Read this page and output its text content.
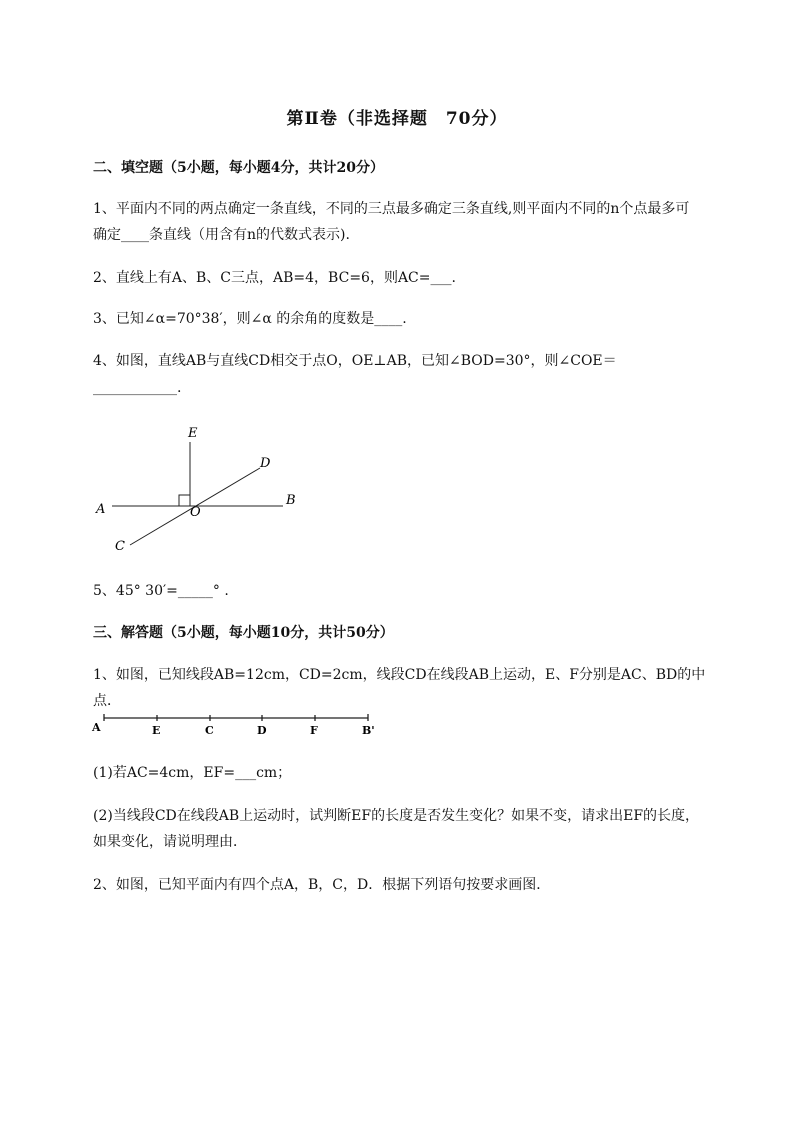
第Ⅱ卷（非选择题　70分）
二、填空题（5小题，每小题4分，共计20分）
1、平面内不同的两点确定一条直线，不同的三点最多确定三条直线,则平面内不同的n个点最多可
确定____条直线（用含有n的代数式表示).
2、直线上有A、B、C三点，AB=4，BC=6，则AC=___.
3、已知∠α=70°38′，则∠α 的余角的度数是____.
4、如图，直线AB与直线CD相交于点O，OE⊥AB，已知∠BOD=30°，则∠COE＝
____________.
E
D
A	O
B
C
5、45° 30′=_____° .
三、解答题（5小题，每小题10分，共计50分）
1、如图，已知线段AB=12cm，CD=2cm，线段CD在线段AB上运动，E、F分别是AC、BD的中点．
A	E	C	D	F	B'
(1)若AC=4cm，EF=___cm；
(2)当线段CD在线段AB上运动时，试判断EF的长度是否发生变化？如果不变，请求出EF的长度，
如果变化，请说明理由．
2、如图，已知平面内有四个点A，B，C，D．根据下列语句按要求画图．
